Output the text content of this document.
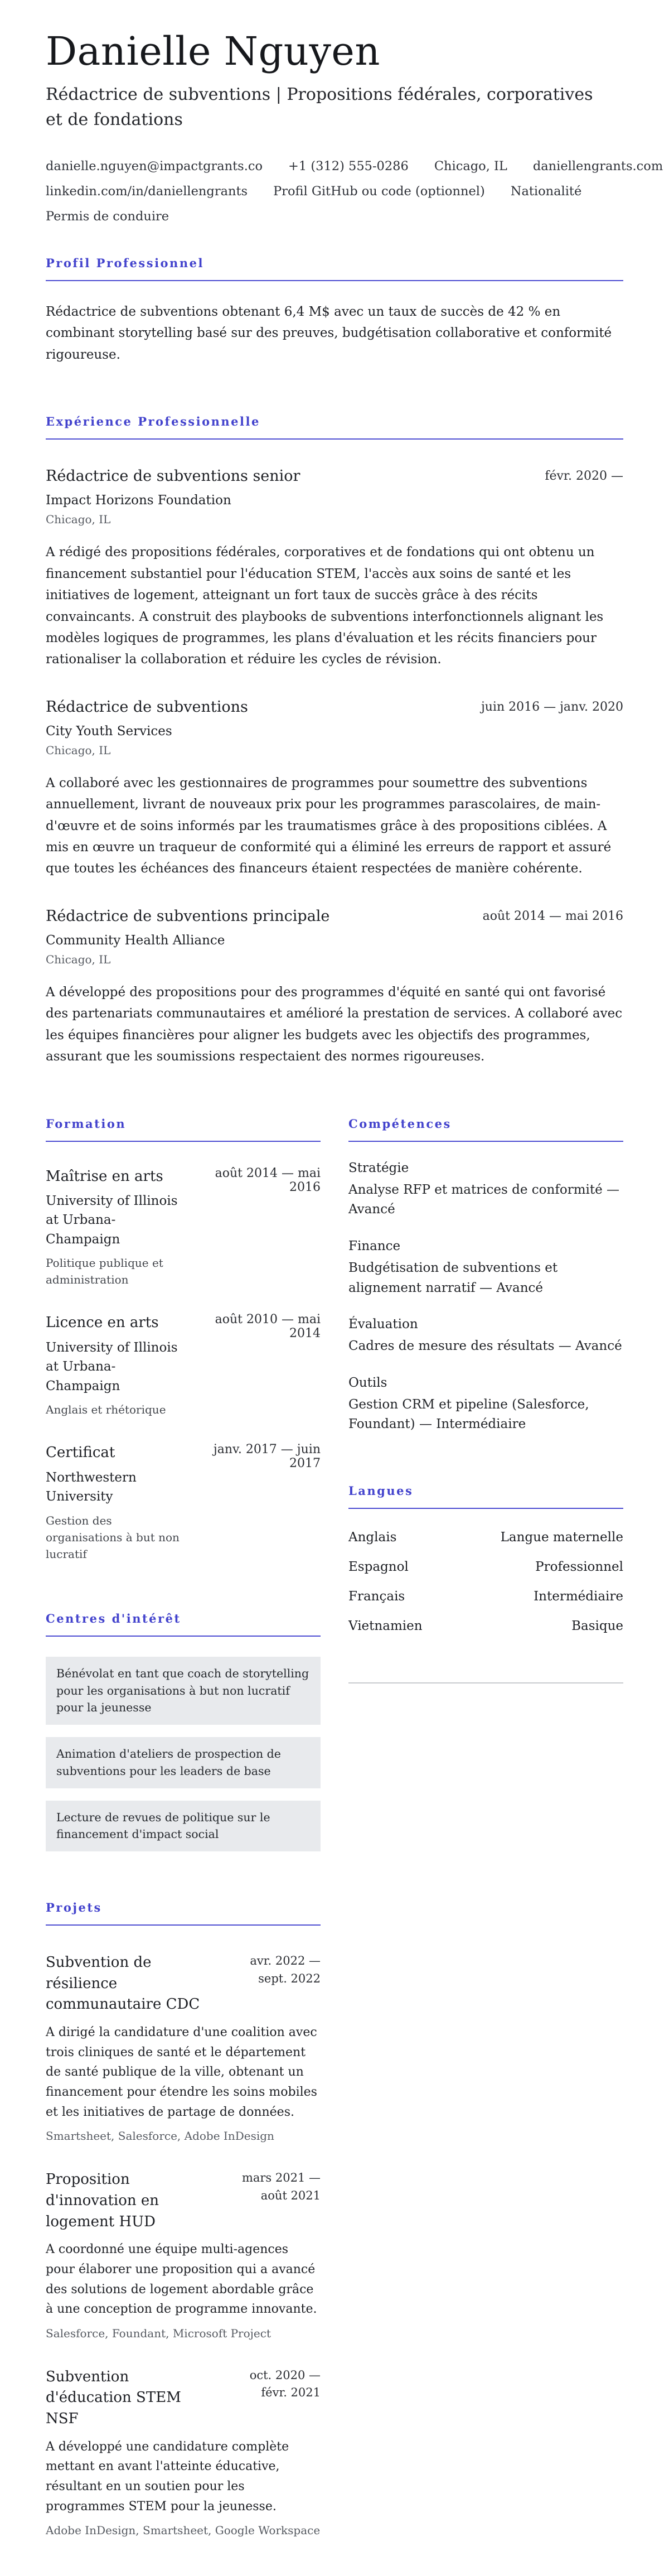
Danielle Nguyen

Rédactrice de subventions | Propositions fédérales, corporatives et de fondations

danielle.nguyen@impactgrants.co +1 (312) 555-0286 Chicago, IL daniellengrants.com
linkedin.com/in/daniellengrants Profil GitHub ou code (optionnel) Nationalité
Permis de conduire
Profil Professionnel

Rédactrice de subventions obtenant 6,4 M$ avec un taux de succès de 42 % en combinant storytelling basé sur des preuves, budgétisation collaborative et conformité rigoureuse.

Expérience Professionnelle
Rédactrice de subventions senior	févr. 2020 —
Impact Horizons Foundation
Chicago, IL

A rédigé des propositions fédérales, corporatives et de fondations qui ont obtenu un financement substantiel pour l'éducation STEM, l'accès aux soins de santé et les initiatives de logement, atteignant un fort taux de succès grâce à des récits convaincants. A construit des playbooks de subventions interfonctionnels alignant les modèles logiques de programmes, les plans d'évaluation et les récits financiers pour rationaliser la collaboration et réduire les cycles de révision.

Rédactrice de subventions	juin 2016 — janv. 2020
City Youth Services
Chicago, IL

A collaboré avec les gestionnaires de programmes pour soumettre des subventions annuellement, livrant de nouveaux prix pour les programmes parascolaires, de main-d'œuvre et de soins informés par les traumatismes grâce à des propositions ciblées. A mis en œuvre un traqueur de conformité qui a éliminé les erreurs de rapport et assuré que toutes les échéances des financeurs étaient respectées de manière cohérente.

Rédactrice de subventions principale	août 2014 — mai 2016
Community Health Alliance
Chicago, IL

A développé des propositions pour des programmes d'équité en santé qui ont favorisé des partenariats communautaires et amélioré la prestation de services. A collaboré avec les équipes financières pour aligner les budgets avec les objectifs des programmes, assurant que les soumissions respectaient des normes rigoureuses.

Formation
Maîtrise en arts
University of Illinois at Urbana-Champaign
Politique publique et administration
août 2014 — mai 2016
Licence en arts
University of Illinois at Urbana-Champaign
Anglais et rhétorique
août 2010 — mai 2014
Certificat
Northwestern University
Gestion des organisations à but non lucratif
janv. 2017 — juin 2017
Centres d'intérêt
Bénévolat en tant que coach de storytelling pour les organisations à but non lucratif pour la jeunesse
Animation d'ateliers de prospection de subventions pour les leaders de base
Lecture de revues de politique sur le financement d'impact social
Projets
Subvention de résilience communautaire CDC
avr. 2022 — sept. 2022

A dirigé la candidature d'une coalition avec trois cliniques de santé et le département de santé publique de la ville, obtenant un financement pour étendre les soins mobiles et les initiatives de partage de données.

Smartsheet, Salesforce, Adobe InDesign
Proposition d'innovation en logement HUD
mars 2021 — août 2021

A coordonné une équipe multi-agences pour élaborer une proposition qui a avancé des solutions de logement abordable grâce à une conception de programme innovante.

Salesforce, Foundant, Microsoft Project
Subvention d'éducation STEM NSF
oct. 2020 — févr. 2021

A développé une candidature complète mettant en avant l'atteinte éducative, résultant en un soutien pour les programmes STEM pour la jeunesse.

Adobe InDesign, Smartsheet, Google Workspace
Compétences
Stratégie
Analyse RFP et matrices de conformité — Avancé
Finance
Budgétisation de subventions et alignement narratif — Avancé
Évaluation
Cadres de mesure des résultats — Avancé
Outils
Gestion CRM et pipeline (Salesforce, Foundant) — Intermédiaire
Langues
Anglais	Langue maternelle
Espagnol	Professionnel
Français	Intermédiaire
Vietnamien	Basique
